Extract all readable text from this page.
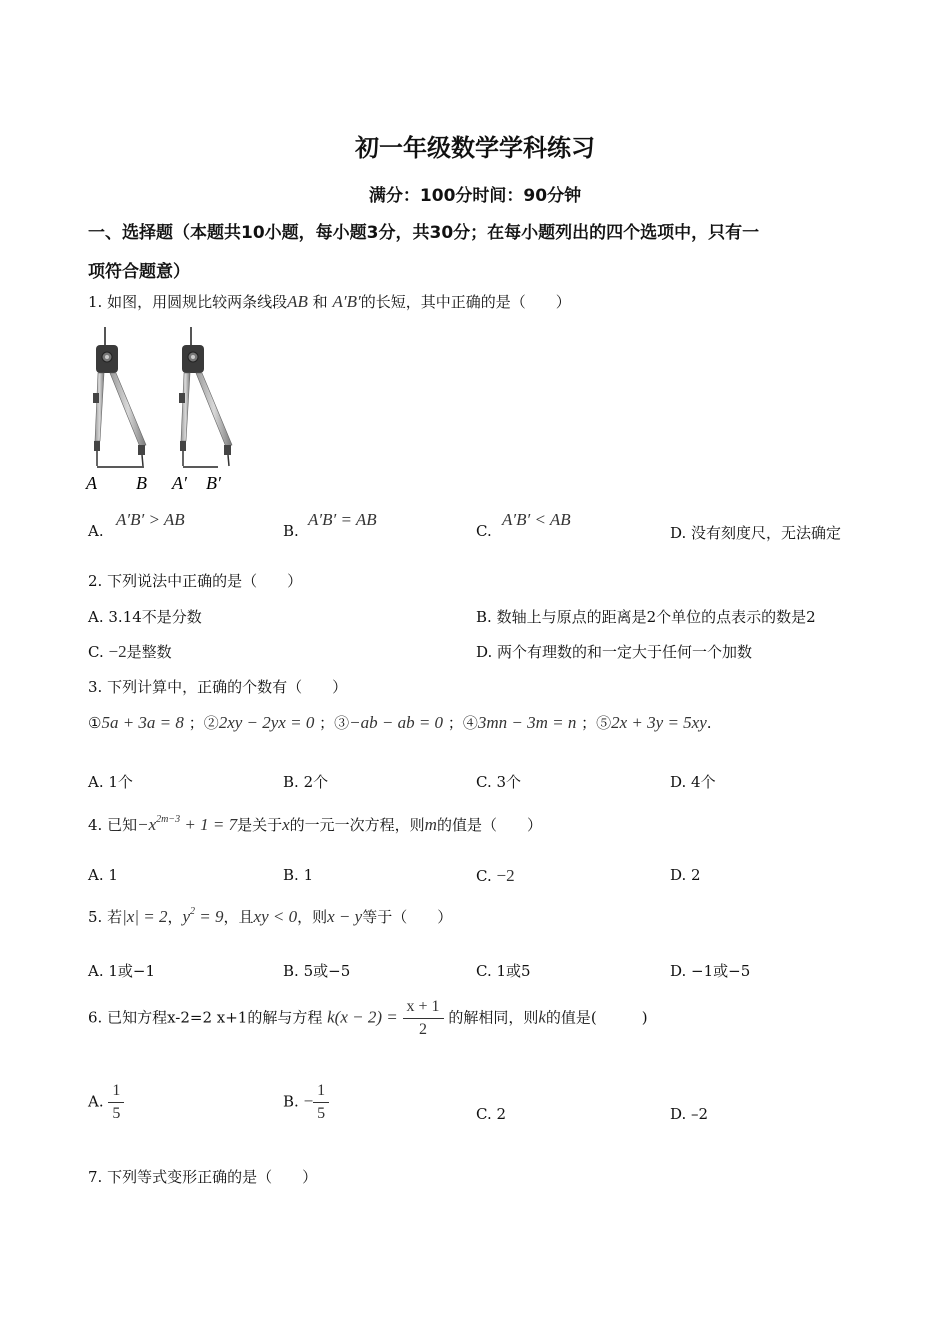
初一年级数学学科练习
满分：100分时间：90分钟
一、选择题（本题共10小题，每小题3分，共30分；在每小题列出的四个选项中，只有一
项符合题意）
1. 如图，用圆规比较两条线段AB 和 A′B′的长短，其中正确的是（　　）
A B A′ B′
A.
A′B′ > AB
B.
A′B′ = AB
C.
A′B′ < AB
D. 没有刻度尺，无法确定
2. 下列说法中正确的是（　　）
A. 3.14不是分数	B. 数轴上与原点的距离是2个单位的点表示的数是2
C. −2是整数	D. 两个有理数的和一定大于任何一个加数
3. 下列计算中，正确的个数有（　　）
①5a + 3a = 8 ；②2xy − 2yx = 0 ；③−ab − ab = 0 ；④3mn − 3m = n ；⑤2x + 3y = 5xy.
A. 1个	B. 2个	C. 3个	D. 4个
4. 已知$-x^{2m-3} + 1 = 7$是关于x的一元一次方程，则m的值是（　　）
A. 1	B. 1	C. −2	D. 2
5. 若|x| = 2，$y^2 = 9$，且xy < 0，则x − y等于（　　）
A. 1或−1	B. 5或−5	C. 1或5	D. −1或−5
6. 已知方程x-2=2 x+1的解与方程 $k(x - 2) = \frac{x + 1}{2}$ 的解相同，则k的值是(　　　)
A. $\frac{1}{5}$	B. − $\frac{1}{5}$	C. 2	D. –2
7. 下列等式变形正确的是（　　）
